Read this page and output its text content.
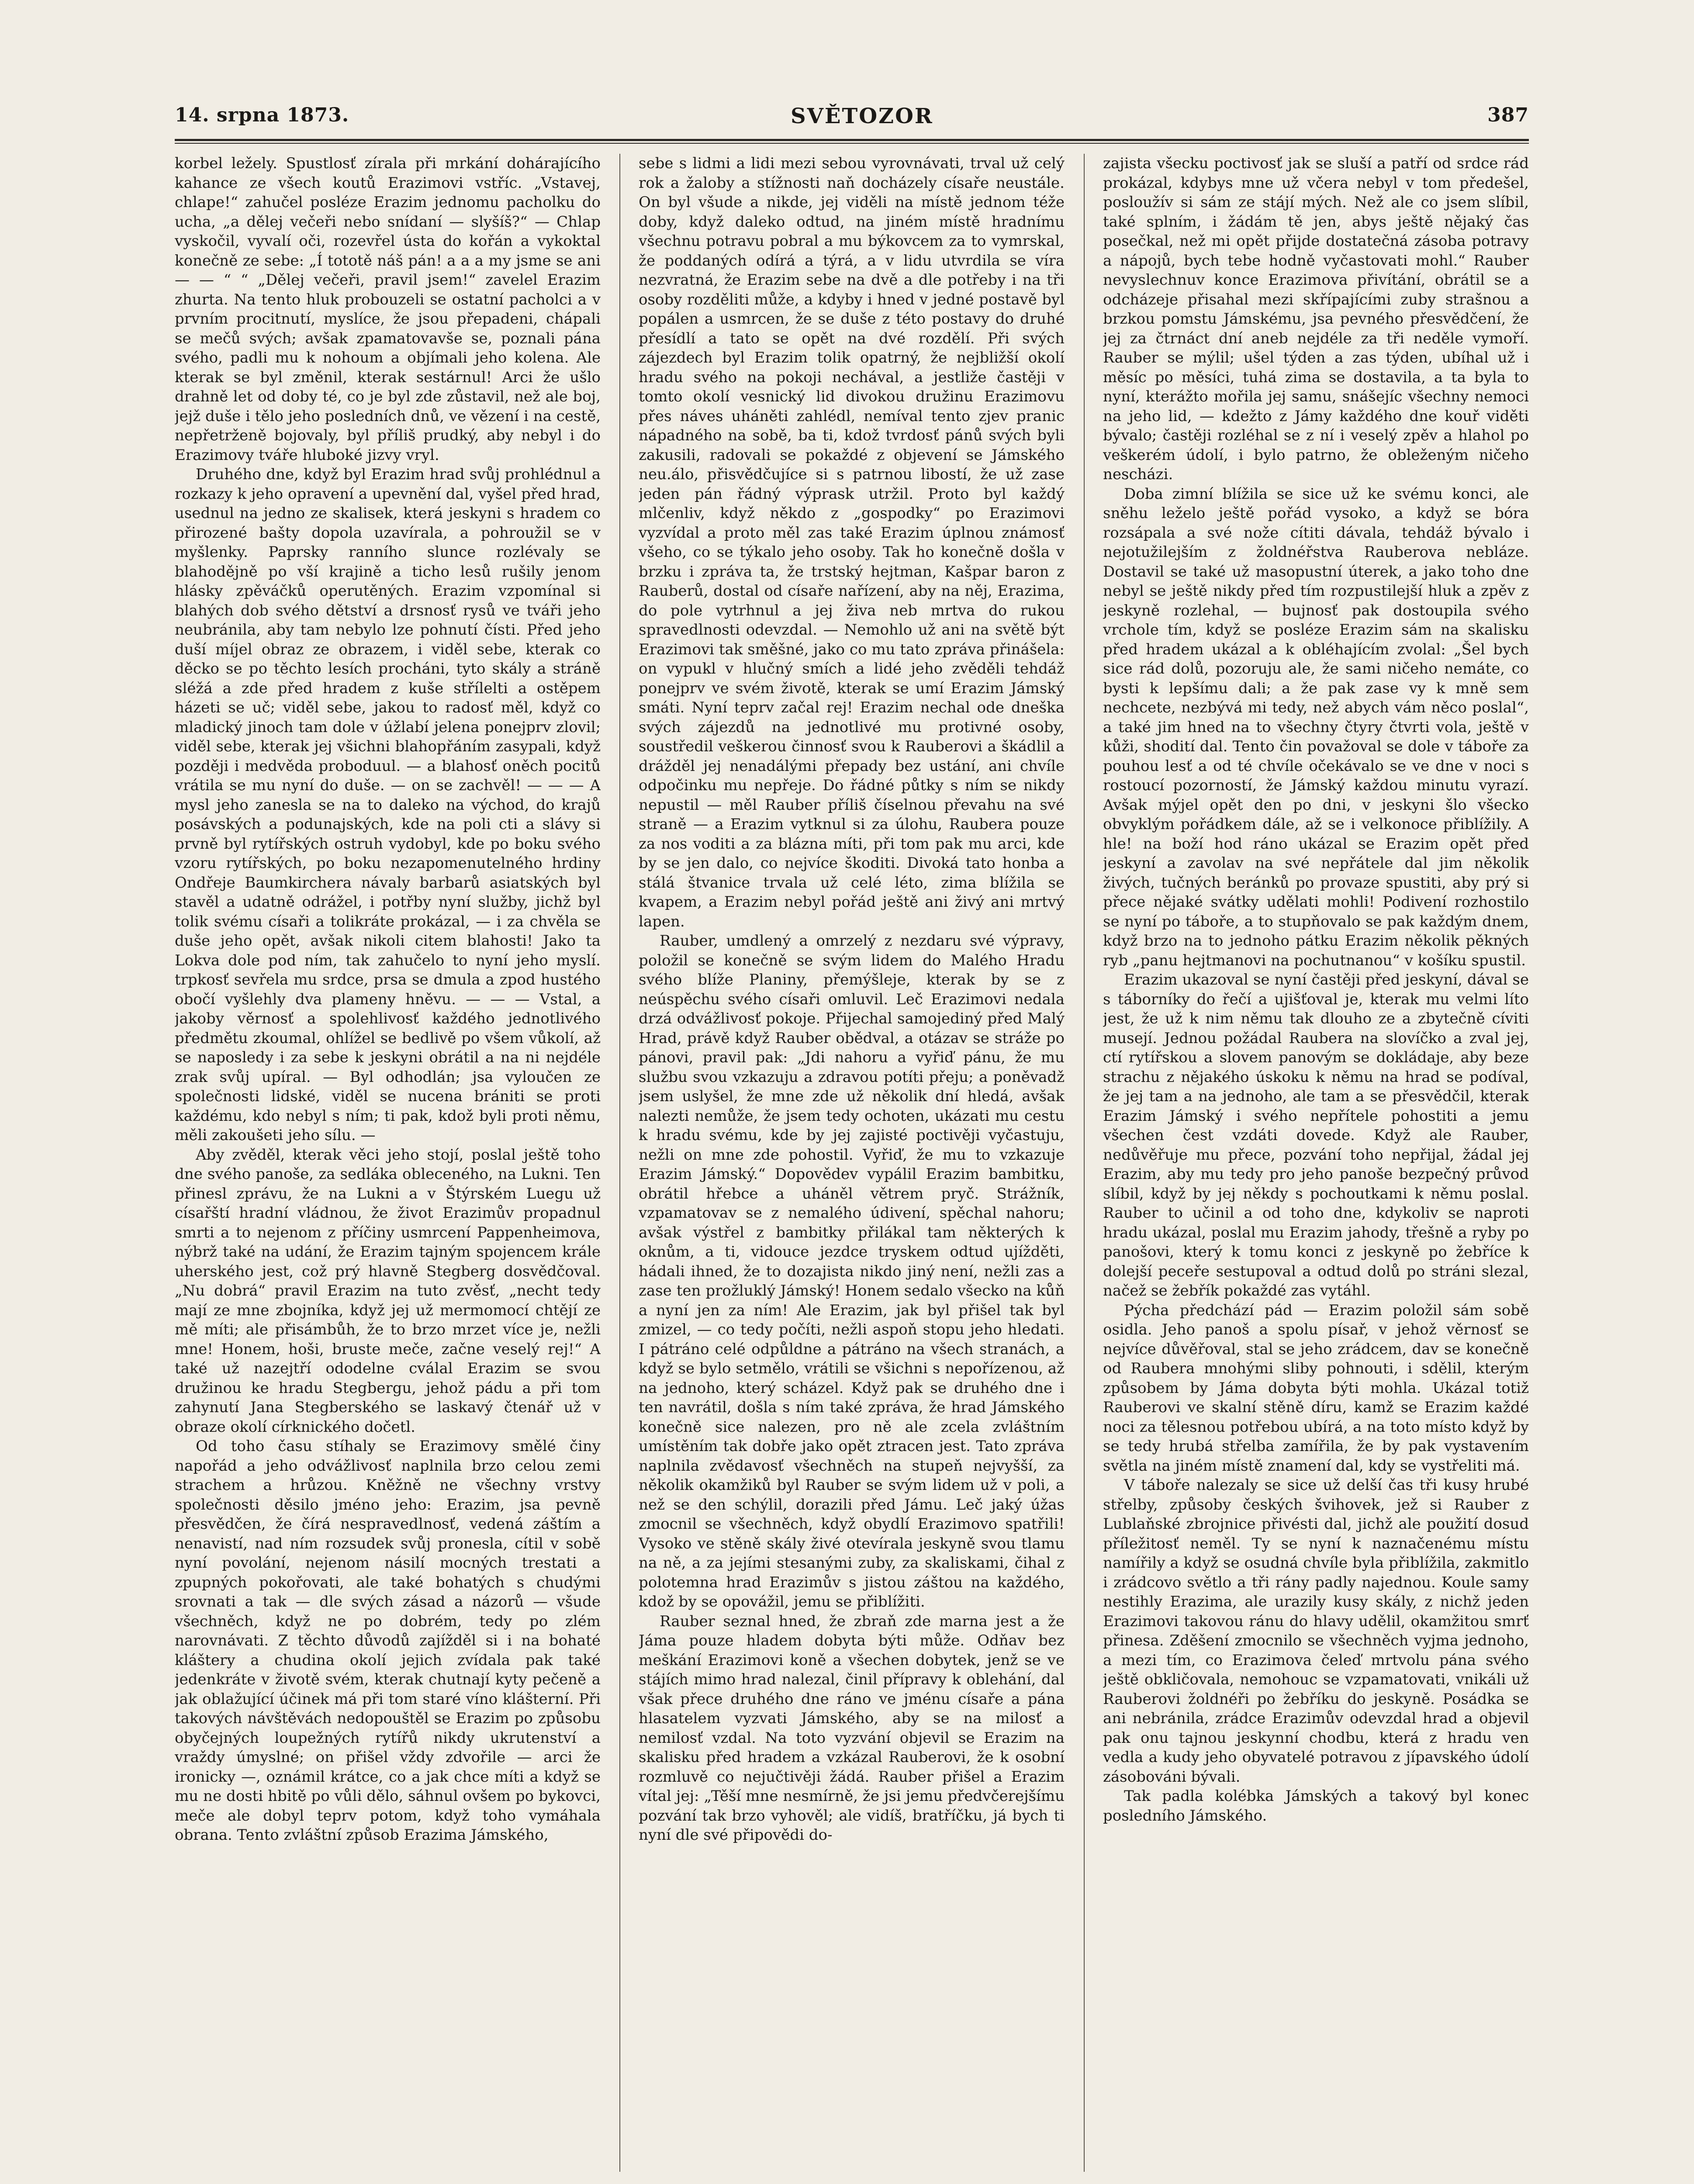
14. srpna 1873.	SVĚTOZOR	387

korbel ležely. Spustlosť zírala při mrkání dohárajícího kahance ze všech koutů Erazimovi vstříc. „Vstavej, chlape!“ zahučel posléze Erazim jednomu pacholku do ucha, „a dělej večeři nebo snídaní — slyšíš?“ — Chlap vyskočil, vyvalí oči, rozevřel ústa do kořán a vykoktal konečně ze sebe: „Í tototě náš pán! a a a my jsme se ani — — “ “ „Dělej večeři, pravil jsem!“ zavelel Erazim zhurta. Na tento hluk probouzeli se ostatní pacholci a v prvním procitnutí, myslíce, že jsou přepadeni, chápali se mečů svých; avšak zpamatovavše se, poznali pána svého, padli mu k nohoum a objímali jeho kolena. Ale kterak se byl změnil, kterak sestárnul! Arci že ušlo drahně let od doby té, co je byl zde zůstavil, než ale boj, jejž duše i tělo jeho posledních dnů, ve vězení i na cestě, nepřetrženě bojovaly, byl příliš prudký, aby nebyl i do Erazimovy tváře hluboké jizvy vryl.

Druhého dne, když byl Erazim hrad svůj prohlédnul a rozkazy k jeho opravení a upevnění dal, vyšel před hrad, usednul na jedno ze skalisek, která jeskyni s hradem co přirozené bašty dopola uzavírala, a pohroužil se v myšlenky. Paprsky ranního slunce rozlévaly se blahodějně po vší krajině a ticho lesů rušily jenom hlásky zpěváčků operutěných. Erazim vzpomínal si blahých dob svého dětství a drsnosť rysů ve tváři jeho neubránila, aby tam nebylo lze pohnutí čísti. Před jeho duší míjel obraz ze obrazem, i viděl sebe, kterak co děcko se po těchto lesích procháni, tyto skály a stráně sléžá a zde před hradem z kuše střílelti a ostěpem házeti se uč; viděl sebe, jakou to radosť měl, když co mladický jinoch tam dole v úžlabí jelena ponejprv zlovil; viděl sebe, kterak jej všichni blahopřáním zasypali, když později i medvěda proboduul. — a blahosť oněch pocitů vrátila se mu nyní do duše. — on se zachvěl! — — — A mysl jeho zanesla se na to daleko na východ, do krajů posávských a podunajských, kde na poli cti a slávy si prvně byl rytířských ostruh vydobyl, kde po boku svého vzoru rytířských, po boku nezapomenutelného hrdiny Ondřeje Baumkirchera návaly barbarů asiatských byl stavěl a udatně odrážel, i potřby nyní služby, jichž byl tolik svému císaři a tolikráte prokázal, — i za chvěla se duše jeho opět, avšak nikoli citem blahosti! Jako ta Lokva dole pod ním, tak zahučelo to nyní jeho myslí. trpkosť sevřela mu srdce, prsa se dmula a zpod hustého obočí vyšlehly dva plameny hněvu. — — — Vstal, a jakoby věrnosť a spolehlivosť každého jednotlivého předmětu zkoumal, ohlížel se bedlivě po všem vůkolí, až se naposledy i za sebe k jeskyni obrátil a na ni nejdéle zrak svůj upíral. — Byl odhodlán; jsa vyloučen ze společnosti lidské, viděl se nucena brániti se proti každému, kdo nebyl s ním; ti pak, kdož byli proti němu, měli zakoušeti jeho sílu. —

Aby zvěděl, kterak věci jeho stojí, poslal ještě toho dne svého panoše, za sedláka obleceného, na Lukni. Ten přinesl zprávu, že na Lukni a v Štýrském Luegu už císařští hradní vládnou, že život Erazimův propadnul smrti a to nejenom z příčiny usmrcení Pappenheimova, nýbrž také na udání, že Erazim tajným spojencem krále uherského jest, což prý hlavně Stegberg dosvědčoval. „Nu dobrá“ pravil Erazim na tuto zvěsť, „necht tedy mají ze mne zbojníka, když jej už mermomocí chtějí ze mě míti; ale přisámbůh, že to brzo mrzet více je, nežli mne! Honem, hoši, bruste meče, začne veselý rej!“ A také už nazejtří ododelne cválal Erazim se svou družinou ke hradu Stegbergu, jehož pádu a při tom zahynutí Jana Stegberského se laskavý čtenář už v obraze okolí círknického dočetl.

Od toho času stíhaly se Erazimovy smělé činy napořád a jeho odvážlivosť naplnila brzo celou zemi strachem a hrůzou. Kněžně ne všechny vrstvy společnosti děsilo jméno jeho: Erazim, jsa pevně přesvědčen, že čírá nespravedlnosť, vedená záštím a nenavistí, nad ním rozsudek svůj pronesla, cítil v sobě nyní povolání, nejenom násilí mocných trestati a zpupných pokořovati, ale také bohatých s chudými srovnati a tak — dle svých zásad a názorů — všude všechněch, když ne po dobrém, tedy po zlém narovnávati. Z těchto důvodů zajížděl si i na bohaté kláštery a chudina okolí jejich zvídala pak také jedenkráte v životě svém, kterak chutnají kyty pečeně a jak oblažující účinek má při tom staré víno klášterní. Při takových návštěvách nedopouštěl se Erazim po způsobu obyčejných loupežných rytířů nikdy ukrutenství a vraždy úmyslné; on přišel vždy zdvořile — arci že ironicky —, oznámil krátce, co a jak chce míti a když se mu ne dosti hbitě po vůli dělo, sáhnul ovšem po bykovci, meče ale dobyl teprv potom, když toho vymáhala obrana. Tento zvláštní způsob Erazima Jámského,

sebe s lidmi a lidi mezi sebou vyrovnávati, trval už celý rok a žaloby a stížnosti naň docházely císaře neustále. On byl všude a nikde, jej viděli na místě jednom téže doby, když daleko odtud, na jiném místě hradnímu všechnu potravu pobral a mu býkovcem za to vymrskal, že poddaných odírá a týrá, a v lidu utvrdila se víra nezvratná, že Erazim sebe na dvě a dle potřeby i na tři osoby rozděliti může, a kdyby i hned v jedné postavě byl popálen a usmrcen, že se duše z této postavy do druhé přesídlí a tato se opět na dvé rozdělí. Při svých zájezdech byl Erazim tolik opatrný, že nejbližší okolí hradu svého na pokoji nechával, a jestliže častěji v tomto okolí vesnický lid divokou družinu Erazimovu přes náves uháněti zahlédl, nemíval tento zjev pranic nápadného na sobě, ba ti, kdož tvrdosť pánů svých byli zakusili, radovali se pokaždé z objevení se Jámského neu.álo, přisvědčujíce si s patrnou libostí, že už zase jeden pán řádný výprask utržil. Proto byl každý mlčenliv, když někdo z „gospodky“ po Erazimovi vyzvídal a proto měl zas také Erazim úplnou známosť všeho, co se týkalo jeho osoby. Tak ho konečně došla v brzku i zpráva ta, že trstský hejtman, Kašpar baron z Rauberů, dostal od císaře nařízení, aby na něj, Erazima, do pole vytrhnul a jej živa neb mrtva do rukou spravedlnosti odevzdal. — Nemohlo už ani na světě být Erazimovi tak směšné, jako co mu tato zpráva přinášela: on vypukl v hlučný smích a lidé jeho zvěděli tehdáž ponejprv ve svém životě, kterak se umí Erazim Jámský smáti. Nyní teprv začal rej! Erazim nechal ode dneška svých zájezdů na jednotlivé mu protivné osoby, soustředil veškerou činnosť svou k Rauberovi a škádlil a drážděl jej nenadálými přepady bez ustání, ani chvíle odpočinku mu nepřeje. Do řádné půtky s ním se nikdy nepustil — měl Rauber příliš číselnou převahu na své straně — a Erazim vytknul si za úlohu, Raubera pouze za nos voditi a za blázna míti, při tom pak mu arci, kde by se jen dalo, co nejvíce škoditi. Divoká tato honba a stálá štvanice trvala už celé léto, zima blížila se kvapem, a Erazim nebyl pořád ještě ani živý ani mrtvý lapen.

Rauber, umdlený a omrzelý z nezdaru své výpravy, položil se konečně se svým lidem do Malého Hradu svého blíže Planiny, přemýšleje, kterak by se z neúspěchu svého císaři omluvil. Leč Erazimovi nedala drzá odvážlivosť pokoje. Přijechal samojediný před Malý Hrad, právě když Rauber obědval, a otázav se stráže po pánovi, pravil pak: „Jdi nahoru a vyřiď pánu, že mu službu svou vzkazuju a zdravou potíti přeju; a poněvadž jsem uslyšel, že mne zde už několik dní hledá, avšak nalezti nemůže, že jsem tedy ochoten, ukázati mu cestu k hradu svému, kde by jej zajisté poctivěji vyčastuju, nežli on mne zde pohostil. Vyřiď, že mu to vzkazuje Erazim Jámský.“ Dopovědev vypálil Erazim bambitku, obrátil hřebce a uháněl větrem pryč. Strážník, vzpamatovav se z nemalého údivení, spěchal nahoru; avšak výstřel z bambitky přilákal tam některých k oknům, a ti, vidouce jezdce tryskem odtud ujížděti, hádali ihned, že to dozajista nikdo jiný není, nežli zas a zase ten prožluklý Jámský! Honem sedalo všecko na kůň a nyní jen za ním! Ale Erazim, jak byl přišel tak byl zmizel, — co tedy počíti, nežli aspoň stopu jeho hledati. I pátráno celé odpůldne a pátráno na všech stranách, a když se bylo setmělo, vrátili se všichni s nepořízenou, až na jednoho, který scházel. Když pak se druhého dne i ten navrátil, došla s ním také zpráva, že hrad Jámského konečně sice nalezen, pro ně ale zcela zvláštním umístěním tak dobře jako opět ztracen jest. Tato zpráva naplnila zvědavosť všechněch na stupeň nejvyšší, za několik okamžiků byl Rauber se svým lidem už v poli, a než se den schýlil, dorazili před Jámu. Leč jaký úžas zmocnil se všechněch, když obydlí Erazimovo spatřili! Vysoko ve stěně skály živé otevírala jeskyně svou tlamu na ně, a za jejími stesanými zuby, za skaliskami, čihal z polotemna hrad Erazimův s jistou záštou na každého, kdož by se opovážil, jemu se přiblížiti.

Rauber seznal hned, že zbraň zde marna jest a že Jáma pouze hladem dobyta býti může. Odňav bez meškání Erazimovi koně a všechen dobytek, jenž se ve stájích mimo hrad nalezal, činil přípravy k oblehání, dal však přece druhého dne ráno ve jménu císaře a pána hlasatelem vyzvati Jámského, aby se na milosť a nemilosť vzdal. Na toto vyzvání objevil se Erazim na skalisku před hradem a vzkázal Rauberovi, že k osobní rozmluvě co nejučtivěji žádá. Rauber přišel a Erazim vítal jej: „Těší mne nesmírně, že jsi jemu předvčerejšímu pozvání tak brzo vyhověl; ale vidíš, bratříčku, já bych ti nyní dle své připovědi do-

zajista všecku poctivosť jak se sluší a patří od srdce rád prokázal, kdybys mne už včera nebyl v tom předešel, posloužív si sám ze stájí mých. Než ale co jsem slíbil, také splním, i žádám tě jen, abys ještě nějaký čas posečkal, než mi opět přijde dostatečná zásoba potravy a nápojů, bych tebe hodně vyčastovati mohl.“ Rauber nevyslechnuv konce Erazimova přivítání, obrátil se a odcházeje přisahal mezi skřípajícími zuby strašnou a brzkou pomstu Jámskému, jsa pevného přesvědčení, že jej za čtrnáct dní aneb nejdéle za tři neděle vymoří. Rauber se mýlil; ušel týden a zas týden, ubíhal už i měsíc po měsíci, tuhá zima se dostavila, a ta byla to nyní, kterážto mořila jej samu, snášejíc všechny nemoci na jeho lid, — kdežto z Jámy každého dne kouř viděti bývalo; častěji rozléhal se z ní i veselý zpěv a hlahol po veškerém údolí, i bylo patrno, že obleženým ničeho nescházi.

Doba zimní blížila se sice už ke svému konci, ale sněhu leželo ještě pořád vysoko, a když se bóra rozsápala a své nože cítiti dávala, tehdáž bývalo i nejotužilejším z žoldnéřstva Rauberova nebláze. Dostavil se také už masopustní úterek, a jako toho dne nebyl se ještě nikdy před tím rozpustilejší hluk a zpěv z jeskyně rozlehal, — bujnosť pak dostoupila svého vrchole tím, když se posléze Erazim sám na skalisku před hradem ukázal a k obléhajícím zvolal: „Šel bych sice rád dolů, pozoruju ale, že sami ničeho nemáte, co bysti k lepšímu dali; a že pak zase vy k mně sem nechcete, nezbývá mi tedy, než abych vám něco poslal“, a také jim hned na to všechny čtyry čtvrti vola, ještě v kůži, shodití dal. Tento čin považoval se dole v táboře za pouhou lesť a od té chvíle očekávalo se ve dne v noci s rostoucí pozorností, že Jámský každou minutu vyrazí. Avšak mýjel opět den po dni, v jeskyni šlo všecko obvyklým pořádkem dále, až se i velkonoce přiblížily. A hle! na boží hod ráno ukázal se Erazim opět před jeskyní a zavolav na své nepřátele dal jim několik živých, tučných beránků po provaze spustiti, aby prý si přece nějaké svátky udělati mohli! Podivení rozhostilo se nyní po táboře, a to stupňovalo se pak každým dnem, když brzo na to jednoho pátku Erazim několik pěkných ryb „panu hejtmanovi na pochutnanou“ v košíku spustil.

Erazim ukazoval se nyní častěji před jeskyní, dával se s táborníky do řečí a ujišťoval je, kterak mu velmi líto jest, že už k nim němu tak dlouho ze a zbytečně cíviti musejí. Jednou požádal Raubera na slovíčko a zval jej, ctí rytířskou a slovem panovým se dokládaje, aby beze strachu z nějakého úskoku k němu na hrad se podíval, že jej tam a na jednoho, ale tam a se přesvědčil, kterak Erazim Jámský i svého nepřítele pohostiti a jemu všechen čest vzdáti dovede. Když ale Rauber, nedůvěřuje mu přece, pozvání toho nepřijal, žádal jej Erazim, aby mu tedy pro jeho panoše bezpečný průvod slíbil, když by jej někdy s pochoutkami k němu poslal. Rauber to učinil a od toho dne, kdykoliv se naproti hradu ukázal, poslal mu Erazim jahody, třešně a ryby po panošovi, který k tomu konci z jeskyně po žebříce k dolejší peceře sestupoval a odtud dolů po stráni slezal, načež se žebřík pokaždé zas vytáhl.

Pýcha předchází pád — Erazim položil sám sobě osidla. Jeho panoš a spolu písař, v jehož věrnosť se nejvíce důvěřoval, stal se jeho zrádcem, dav se konečně od Raubera mnohými sliby pohnouti, i sdělil, kterým způsobem by Jáma dobyta býti mohla. Ukázal totiž Rauberovi ve skalní stěně díru, kamž se Erazim každé noci za tělesnou potřebou ubírá, a na toto místo když by se tedy hrubá střelba zamířila, že by pak vystavením světla na jiném místě znamení dal, kdy se vystřeliti má.

V táboře nalezaly se sice už delší čas tři kusy hrubé střelby, způsoby českých švihovek, jež si Rauber z Lublaňské zbrojnice přivésti dal, jichž ale použití dosud příležitosť neměl. Ty se nyní k naznačenému místu namířily a když se osudná chvíle byla přiblížila, zakmitlo i zrádcovo světlo a tři rány padly najednou. Koule samy nestihly Erazima, ale urazily kusy skály, z nichž jeden Erazimovi takovou ránu do hlavy udělil, okamžitou smrť přinesa. Zděšení zmocnilo se všechněch vyjma jednoho, a mezi tím, co Erazimova čeleď mrtvolu pána svého ještě obkličovala, nemohouc se vzpamatovati, vnikáli už Rauberovi žoldnéři po žebříku do jeskyně. Posádka se ani nebránila, zrádce Erazimův odevzdal hrad a objevil pak onu tajnou jeskynní chodbu, která z hradu ven vedla a kudy jeho obyvatelé potravou z jípavského údolí zásobováni bývali.

Tak padla kolébka Jámských a takový byl konec posledního Jámského.
